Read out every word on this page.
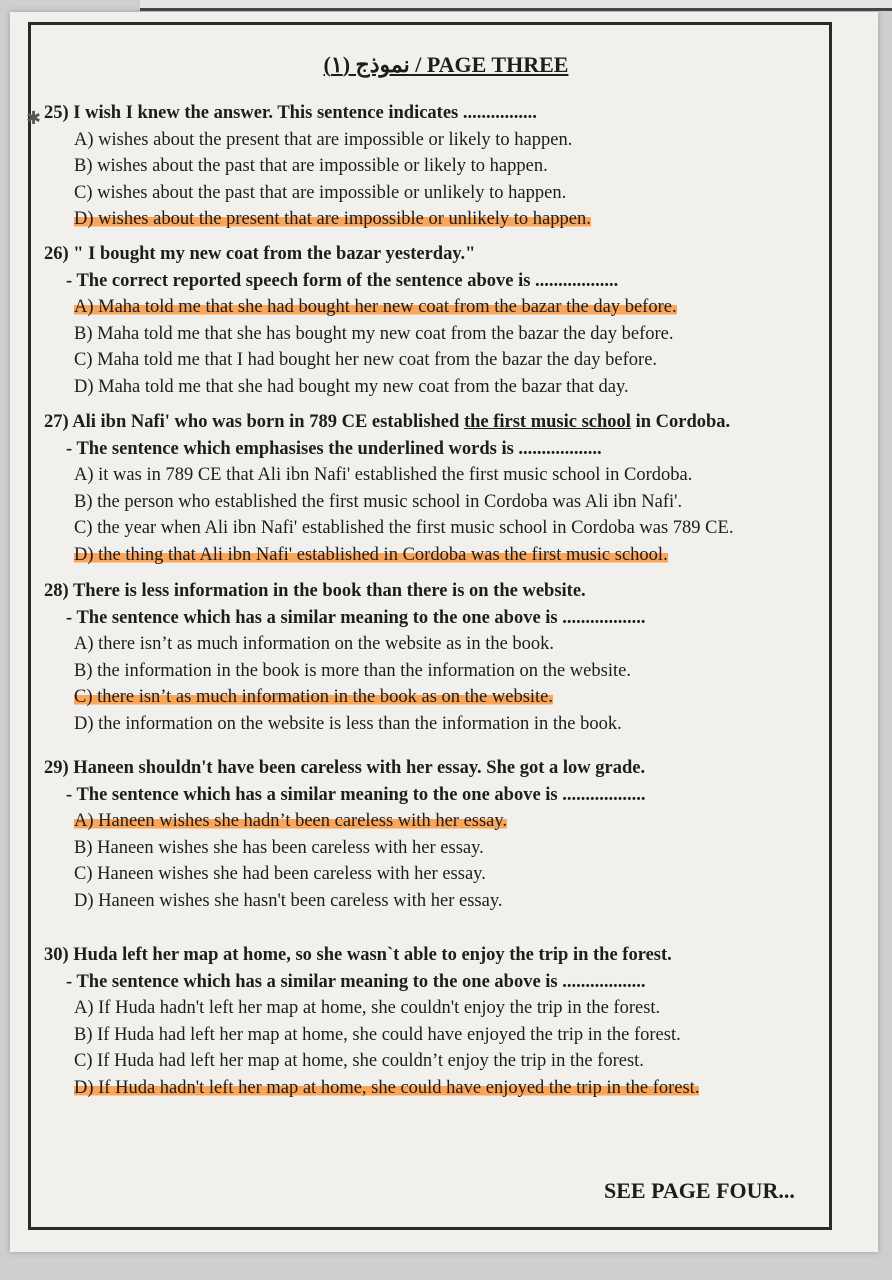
(١) نموذج / PAGE THREE
✱ 25) I wish I knew the answer. This sentence indicates ................
A) wishes about the present that are impossible or likely to happen.
B) wishes about the past that are impossible or likely to happen.
C) wishes about the past that are impossible or unlikely to happen.
D) wishes about the present that are impossible or unlikely to happen.
26) " I bought my new coat from the bazar yesterday."
- The correct reported speech form of the sentence above is ..................
A) Maha told me that she had bought her new coat from the bazar the day before.
B) Maha told me that she has bought my new coat from the bazar the day before.
C) Maha told me that I had bought her new coat from the bazar the day before.
D) Maha told me that she had bought my new coat from the bazar that day.
27) Ali ibn Nafi' who was born in 789 CE established the first music school in Cordoba.
- The sentence which emphasises the underlined words is ..................
A) it was in 789 CE that Ali ibn Nafi' established the first music school in Cordoba.
B) the person who established the first music school in Cordoba was Ali ibn Nafi'.
C) the year when Ali ibn Nafi' established the first music school in Cordoba was 789 CE.
D) the thing that Ali ibn Nafi' established in Cordoba was the first music school.
28) There is less information in the book than there is on the website.
- The sentence which has a similar meaning to the one above is ..................
A) there isn’t as much information on the website as in the book.
B) the information in the book is more than the information on the website.
C) there isn’t as much information in the book as on the website.
D) the information on the website is less than the information in the book.
29) Haneen shouldn't have been careless with her essay. She got a low grade.
- The sentence which has a similar meaning to the one above is ..................
A) Haneen wishes she hadn’t been careless with her essay.
B) Haneen wishes she has been careless with her essay.
C) Haneen wishes she had been careless with her essay.
D) Haneen wishes she hasn't been careless with her essay.
30) Huda left her map at home, so she wasn`t able to enjoy the trip in the forest.
- The sentence which has a similar meaning to the one above is ..................
A) If Huda hadn't left her map at home, she couldn't enjoy the trip in the forest.
B) If Huda had left her map at home, she could have enjoyed the trip in the forest.
C) If Huda had left her map at home, she couldn’t enjoy the trip in the forest.
D) If Huda hadn't left her map at home, she could have enjoyed the trip in the forest.
SEE PAGE FOUR...
